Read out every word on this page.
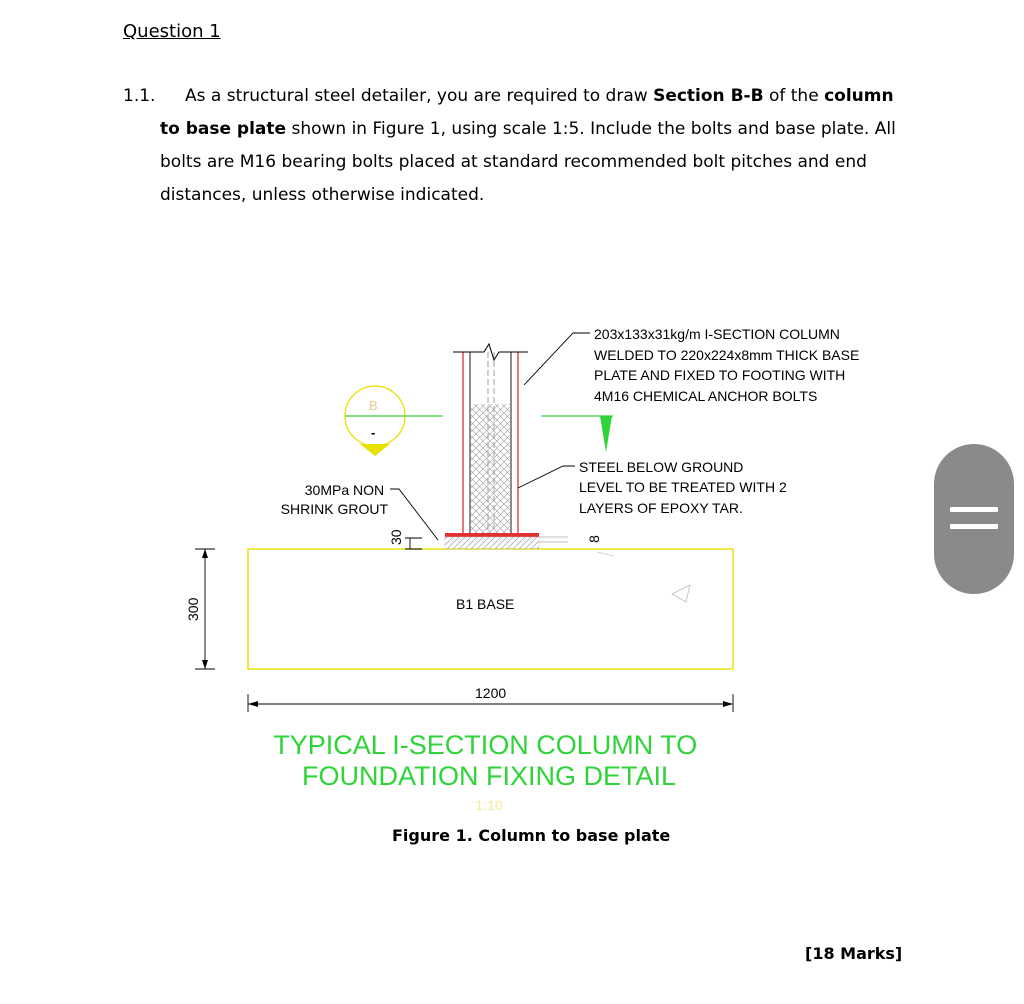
Question 1
1.1.	As a structural steel detailer, you are required to draw Section B-B of the column to base plate shown in Figure 1, using scale 1:5. Include the bolts and base plate. All bolts are M16 bearing bolts placed at standard recommended bolt pitches and end distances, unless otherwise indicated.
B
-
203x133x31kg/m I-SECTION COLUMN WELDED TO 220x224x8mm THICK BASE PLATE AND FIXED TO FOOTING WITH 4M16 CHEMICAL ANCHOR BOLTS
STEEL BELOW GROUND LEVEL TO BE TREATED WITH 2 LAYERS OF EPOXY TAR.
30MPa NON SHRINK GROUT
30	8
B1 BASE
300
1200
TYPICAL I-SECTION COLUMN TO FOUNDATION FIXING DETAIL
1:10
Figure 1. Column to base plate
[18 Marks]
